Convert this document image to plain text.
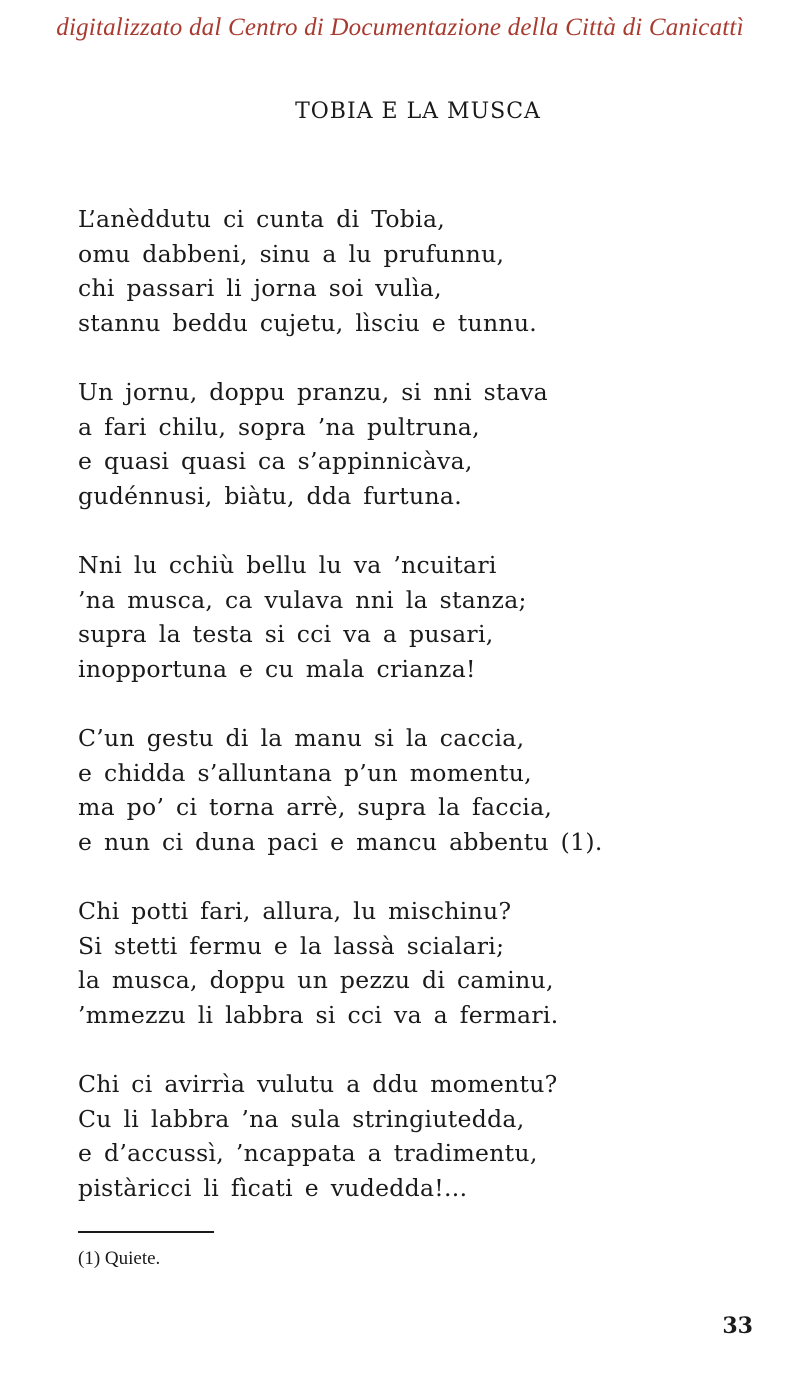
digitalizzato dal Centro di Documentazione della Città di Canicattì
TOBIA E LA MUSCA
L’anèddutu ci cunta di Tobia,
omu dabbeni, sinu a lu prufunnu,
chi passari li jorna soi vulìa,
stannu beddu cujetu, lìsciu e tunnu.
Un jornu, doppu pranzu, si nni stava
a fari chilu, sopra ’na pultruna,
e quasi quasi ca s’appinnicàva,
gudénnusi, biàtu, dda furtuna.
Nni lu cchiù bellu lu va ’ncuitari
’na musca, ca vulava nni la stanza;
supra la testa si cci va a pusari,
inopportuna e cu mala crianza!
C’un gestu di la manu si la caccia,
e chidda s’alluntana p’un momentu,
ma po’ ci torna arrè, supra la faccia,
e nun ci duna paci e mancu abbentu (1).
Chi potti fari, allura, lu mischinu?
Si stetti fermu e la lassà scialari;
la musca, doppu un pezzu di caminu,
’mmezzu li labbra si cci va a fermari.
Chi ci avirrìa vulutu a ddu momentu?
Cu li labbra ’na sula stringiutedda,
e d’accussì, ’ncappata a tradimentu,
pistàricci li fìcati e vudedda!...
(1) Quiete.
33
